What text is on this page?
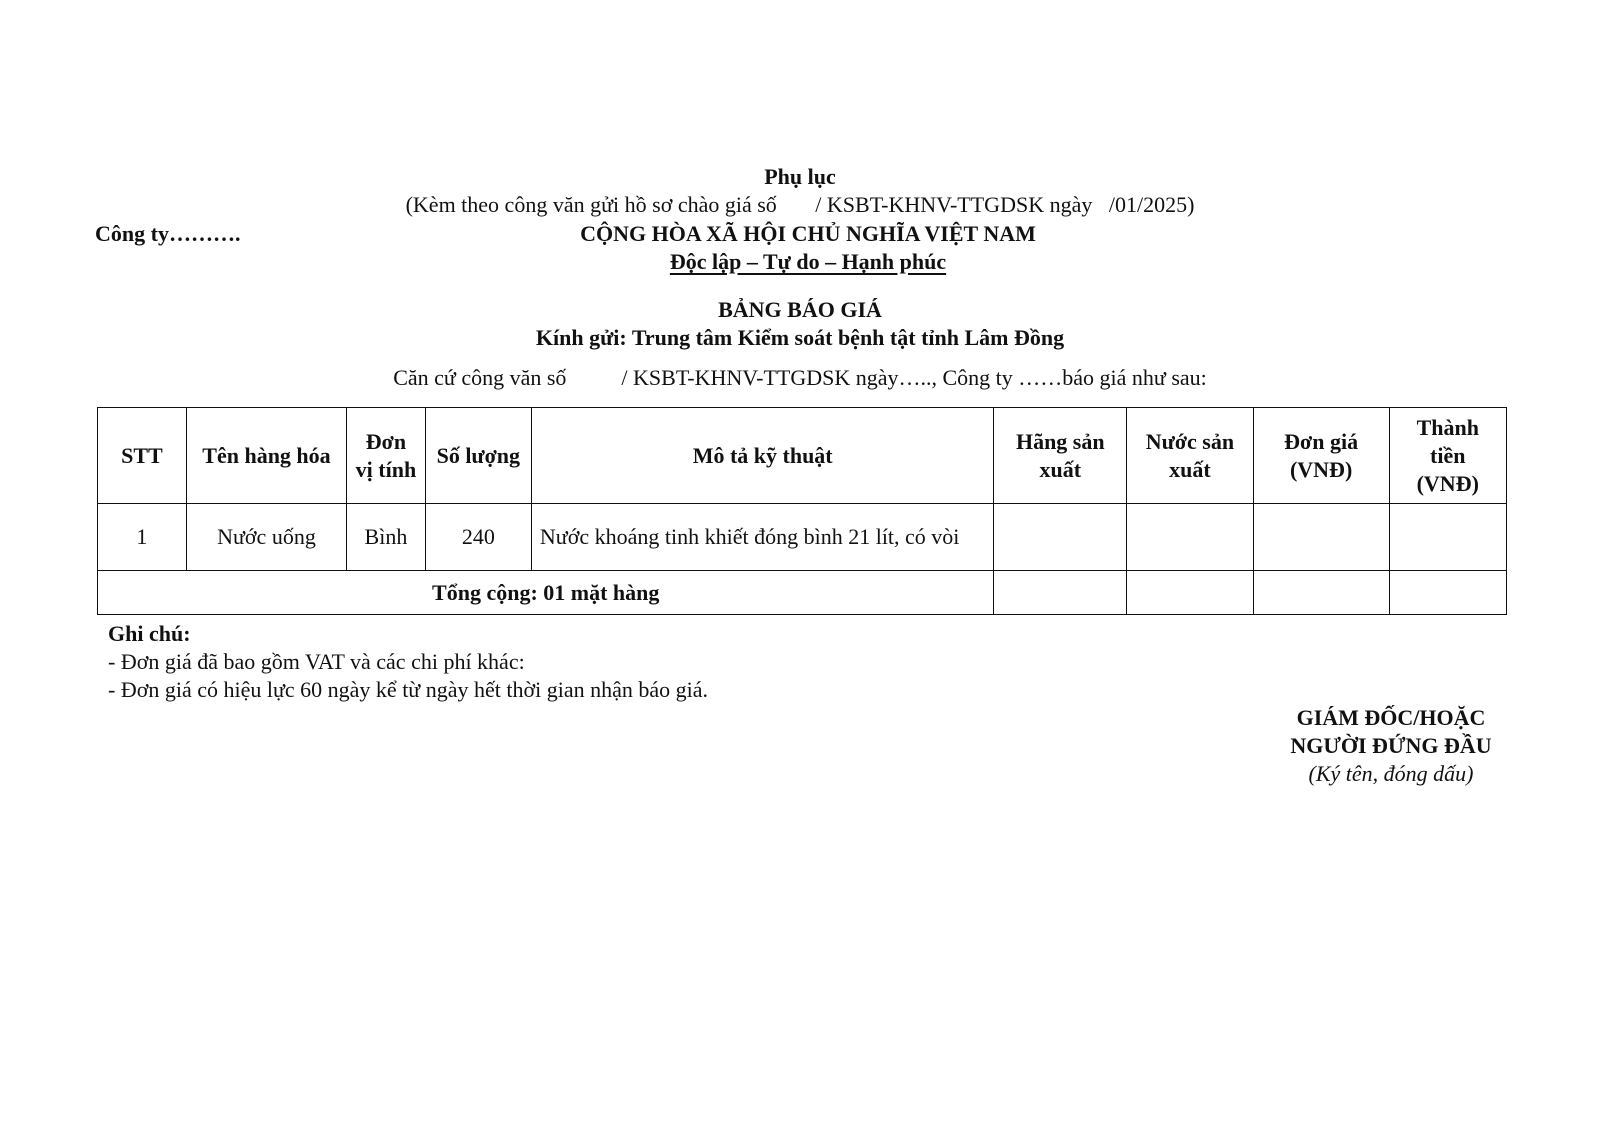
Phụ lục
(Kèm theo công văn gửi hồ sơ chào giá số       / KSBT-KHNV-TTGDSK ngày   /01/2025)
Công ty……….	CỘNG HÒA XÃ HỘI CHỦ NGHĨA VIỆT NAM
Độc lập – Tự do – Hạnh phúc
BẢNG BÁO GIÁ
Kính gửi: Trung tâm Kiểm soát bệnh tật tỉnh Lâm Đồng
Căn cứ công văn số          / KSBT-KHNV-TTGDSK ngày….., Công ty ……báo giá như sau:
STT	Tên hàng hóa	Đơn vị tính	Số lượng	Mô tả kỹ thuật	Hãng sản xuất	Nước sản xuất	Đơn giá (VNĐ)	Thành tiền (VNĐ)
1	Nước uống	Bình	240	Nước khoáng tinh khiết đóng bình 21 lít, có vòi				
Tổng cộng: 01 mặt hàng								
Ghi chú:
- Đơn giá đã bao gồm VAT và các chi phí khác:
- Đơn giá có hiệu lực 60 ngày kể từ ngày hết thời gian nhận báo giá.
GIÁM ĐỐC/HOẶC
NGƯỜI ĐỨNG ĐẦU
(Ký tên, đóng dấu)
